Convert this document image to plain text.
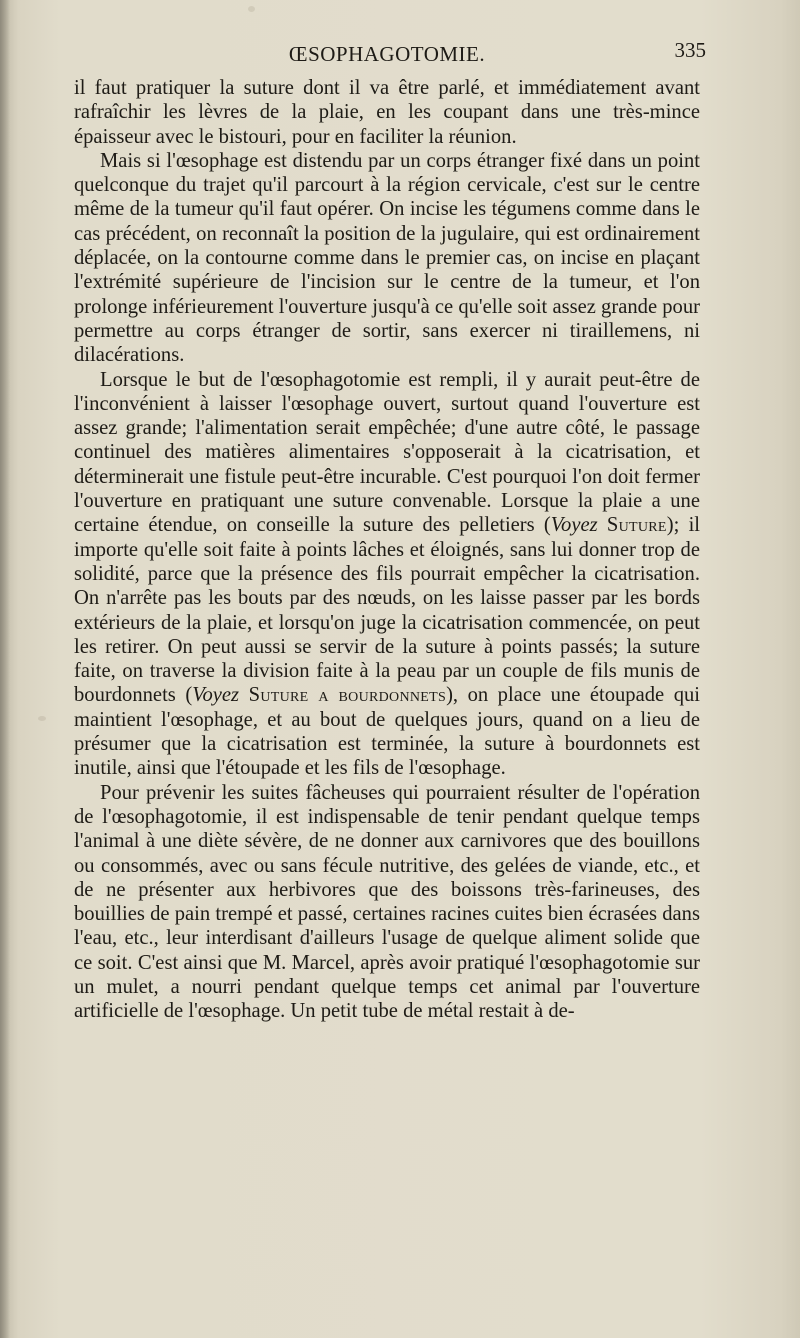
ŒSOPHAGOTOMIE.	335

il faut pratiquer la suture dont il va être parlé, et immédiatement avant rafraîchir les lèvres de la plaie, en les coupant dans une très-mince épaisseur avec le bistouri, pour en faciliter la réunion.

Mais si l'œsophage est distendu par un corps étranger fixé dans un point quelconque du trajet qu'il parcourt à la région cervicale, c'est sur le centre même de la tumeur qu'il faut opérer. On incise les tégumens comme dans le cas précédent, on reconnaît la position de la jugulaire, qui est ordinairement déplacée, on la contourne comme dans le premier cas, on incise en plaçant l'extrémité supérieure de l'incision sur le centre de la tumeur, et l'on prolonge inférieurement l'ouverture jusqu'à ce qu'elle soit assez grande pour permettre au corps étranger de sortir, sans exercer ni tiraillemens, ni dilacérations.

Lorsque le but de l'œsophagotomie est rempli, il y aurait peut-être de l'inconvénient à laisser l'œsophage ouvert, surtout quand l'ouverture est assez grande; l'alimentation serait empêchée; d'une autre côté, le passage continuel des matières alimentaires s'opposerait à la cicatrisation, et déterminerait une fistule peut-être incurable. C'est pourquoi l'on doit fermer l'ouverture en pratiquant une suture convenable. Lorsque la plaie a une certaine étendue, on conseille la suture des pelletiers (Voyez Suture); il importe qu'elle soit faite à points lâches et éloignés, sans lui donner trop de solidité, parce que la présence des fils pourrait empêcher la cicatrisation. On n'arrête pas les bouts par des nœuds, on les laisse passer par les bords extérieurs de la plaie, et lorsqu'on juge la cicatrisation commencée, on peut les retirer. On peut aussi se servir de la suture à points passés; la suture faite, on traverse la division faite à la peau par un couple de fils munis de bourdonnets (Voyez Suture a bourdonnets), on place une étoupade qui maintient l'œsophage, et au bout de quelques jours, quand on a lieu de présumer que la cicatrisation est terminée, la suture à bourdonnets est inutile, ainsi que l'étoupade et les fils de l'œsophage.

Pour prévenir les suites fâcheuses qui pourraient résulter de l'opération de l'œsophagotomie, il est indispensable de tenir pendant quelque temps l'animal à une diète sévère, de ne donner aux carnivores que des bouillons ou consommés, avec ou sans fécule nutritive, des gelées de viande, etc., et de ne présenter aux herbivores que des boissons très-farineuses, des bouillies de pain trempé et passé, certaines racines cuites bien écrasées dans l'eau, etc., leur interdisant d'ailleurs l'usage de quelque aliment solide que ce soit. C'est ainsi que M. Marcel, après avoir pratiqué l'œsophagotomie sur un mulet, a nourri pendant quelque temps cet animal par l'ouverture artificielle de l'œsophage. Un petit tube de métal restait à de-
